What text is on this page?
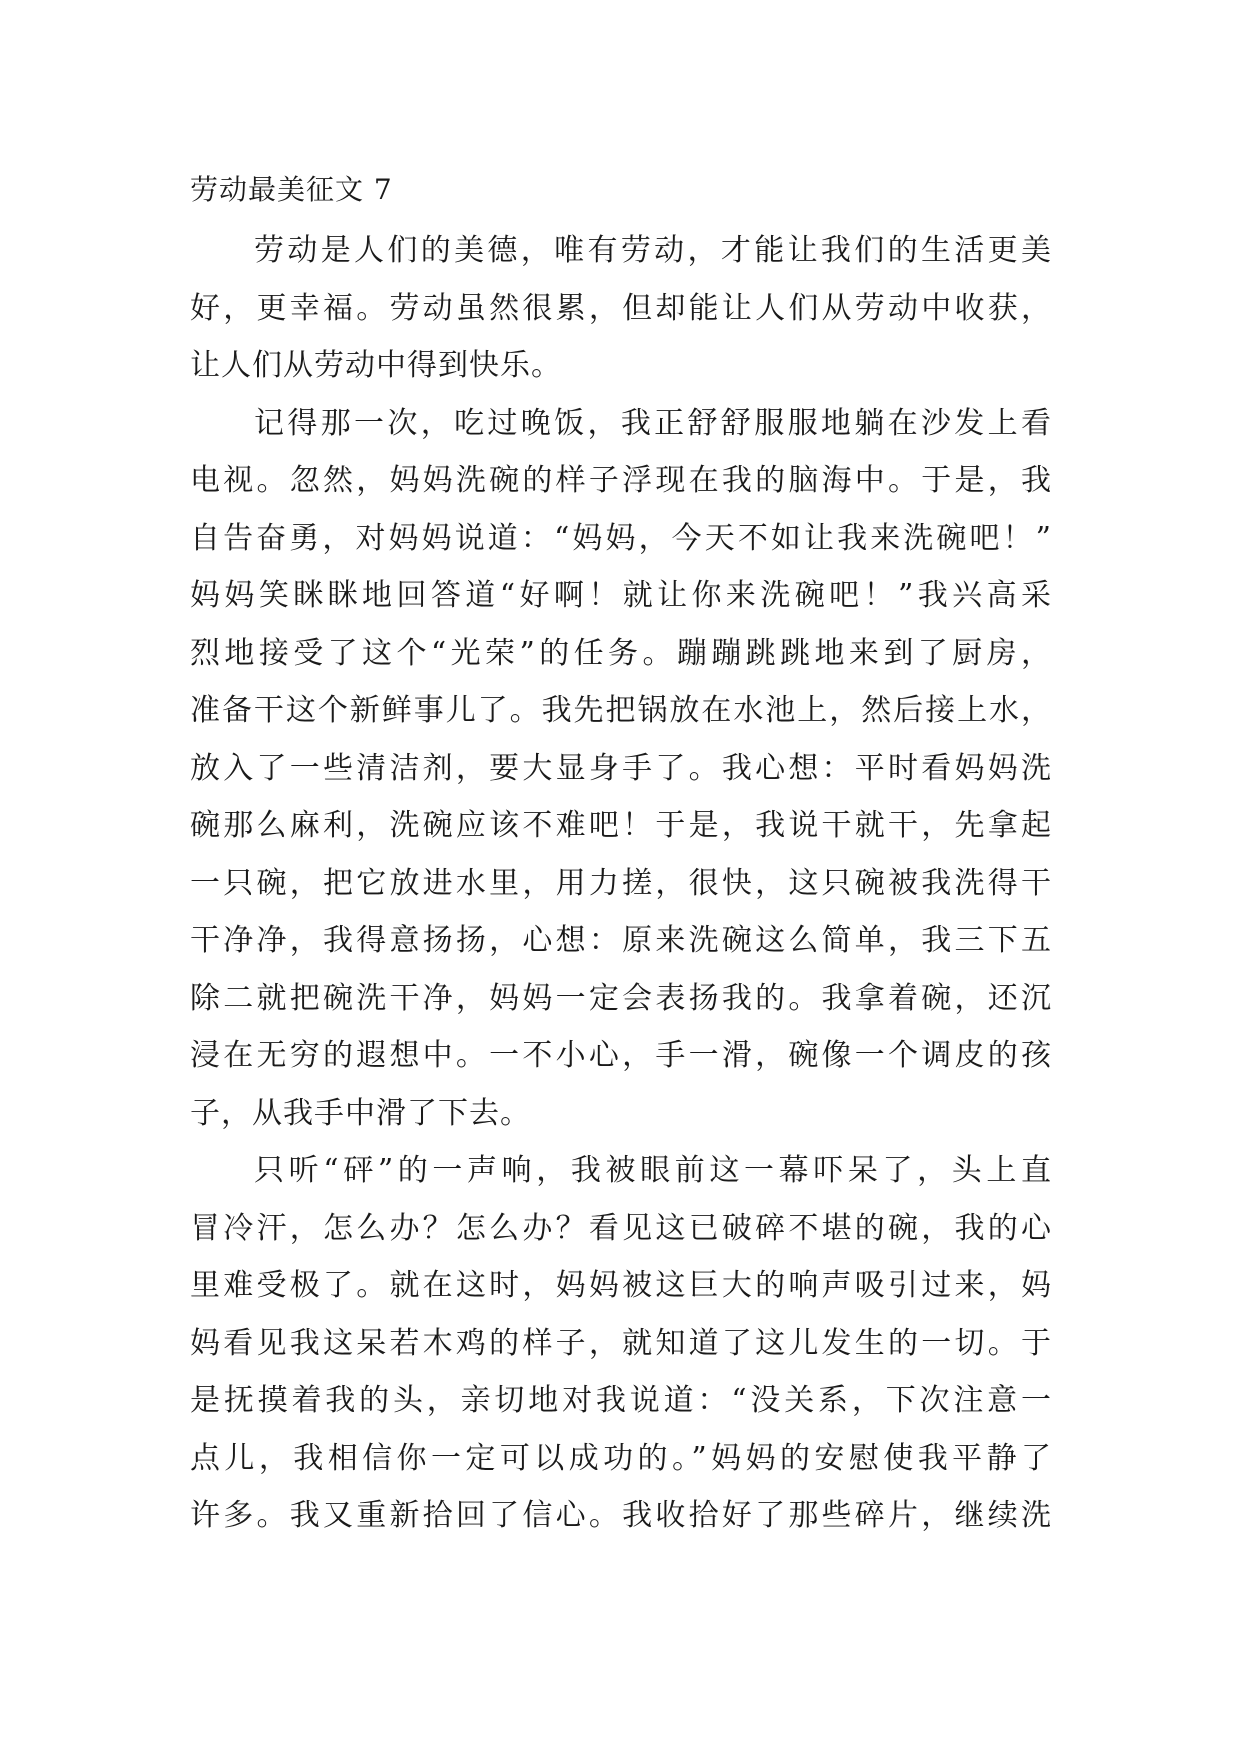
劳动最美征文 7

劳动是人们的美德，唯有劳动，才能让我们的生活更美
好，更幸福。劳动虽然很累，但却能让人们从劳动中收获，
让人们从劳动中得到快乐。

记得那一次，吃过晚饭，我正舒舒服服地躺在沙发上看
电视。忽然，妈妈洗碗的样子浮现在我的脑海中。于是，我
自告奋勇，对妈妈说道：“妈妈，今天不如让我来洗碗吧！”
妈妈笑眯眯地回答道“好啊！就让你来洗碗吧！”我兴高采
烈地接受了这个“光荣”的任务。蹦蹦跳跳地来到了厨房，
准备干这个新鲜事儿了。我先把锅放在水池上，然后接上水，
放入了一些清洁剂，要大显身手了。我心想：平时看妈妈洗
碗那么麻利，洗碗应该不难吧！于是，我说干就干，先拿起
一只碗，把它放进水里，用力搓，很快，这只碗被我洗得干
干净净，我得意扬扬，心想：原来洗碗这么简单，我三下五
除二就把碗洗干净，妈妈一定会表扬我的。我拿着碗，还沉
浸在无穷的遐想中。一不小心，手一滑，碗像一个调皮的孩
子，从我手中滑了下去。

只听“砰”的一声响，我被眼前这一幕吓呆了，头上直
冒冷汗，怎么办？怎么办？看见这已破碎不堪的碗，我的心
里难受极了。就在这时，妈妈被这巨大的响声吸引过来，妈
妈看见我这呆若木鸡的样子，就知道了这儿发生的一切。于
是抚摸着我的头，亲切地对我说道：“没关系，下次注意一
点儿，我相信你一定可以成功的。”妈妈的安慰使我平静了
许多。我又重新拾回了信心。我收拾好了那些碎片，继续洗
